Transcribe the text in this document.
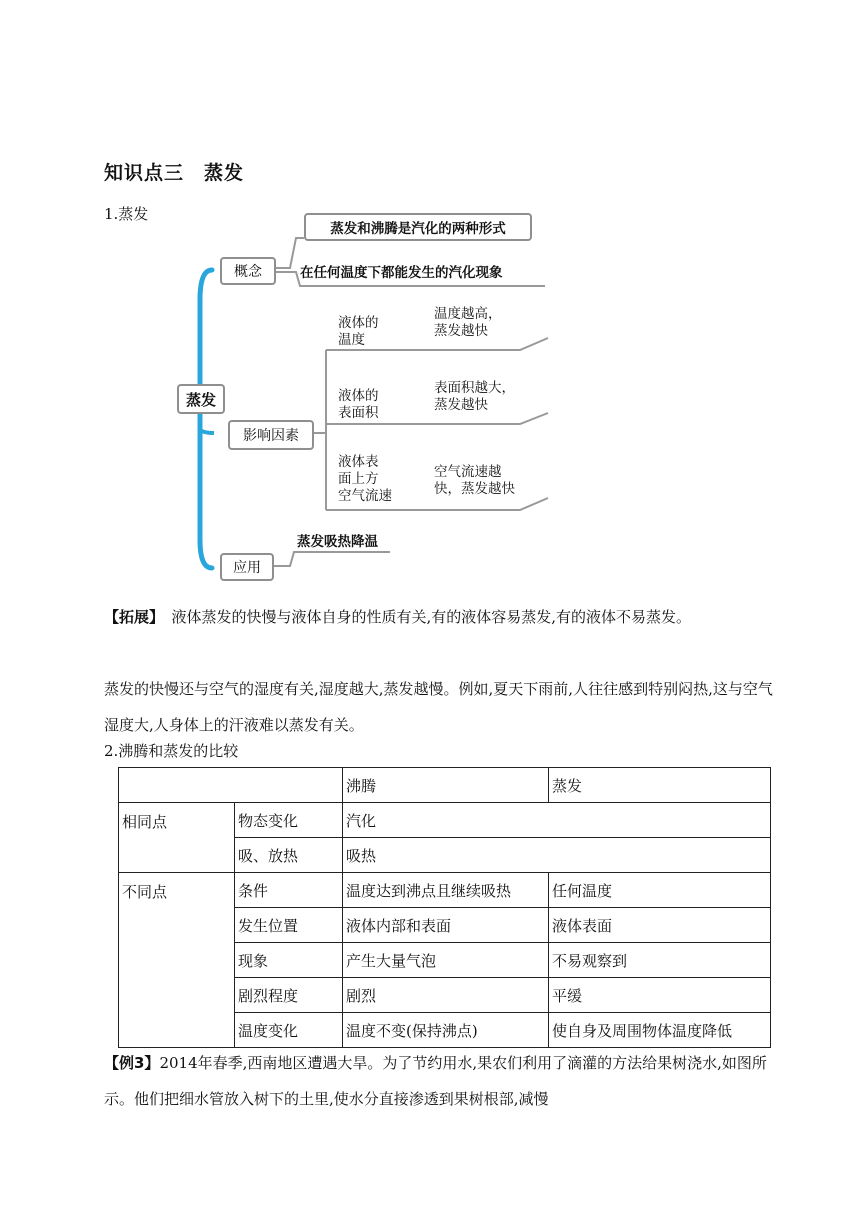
知识点三　蒸发
1.蒸发
蒸发
概念
蒸发和沸腾是汽化的两种形式
在任何温度下都能发生的汽化现象
影响因素
液体的
温度
温度越高，
蒸发越快
液体的
表面积
表面积越大，
蒸发越快
液体表
面上方
空气流速
空气流速越
快，蒸发越快
应用
蒸发吸热降温
【拓展】　液体蒸发的快慢与液体自身的性质有关,有的液体容易蒸发,有的液体不易蒸发。
蒸发的快慢还与空气的湿度有关,湿度越大,蒸发越慢。例如,夏天下雨前,人往往感到特别闷热,这与空气湿度大,人身体上的汗液难以蒸发有关。
2.沸腾和蒸发的比较
		沸腾	蒸发
相同点	物态变化	汽化	
	吸、放热	吸热	
不同点	条件	温度达到沸点且继续吸热	任何温度
	发生位置	液体内部和表面	液体表面
	现象	产生大量气泡	不易观察到
	剧烈程度	剧烈	平缓
	温度变化	温度不变(保持沸点)	使自身及周围物体温度降低
【例3】2014年春季,西南地区遭遇大旱。为了节约用水,果农们利用了滴灌的方法给果树浇水,如图所示。他们把细水管放入树下的土里,使水分直接渗透到果树根部,减慢
